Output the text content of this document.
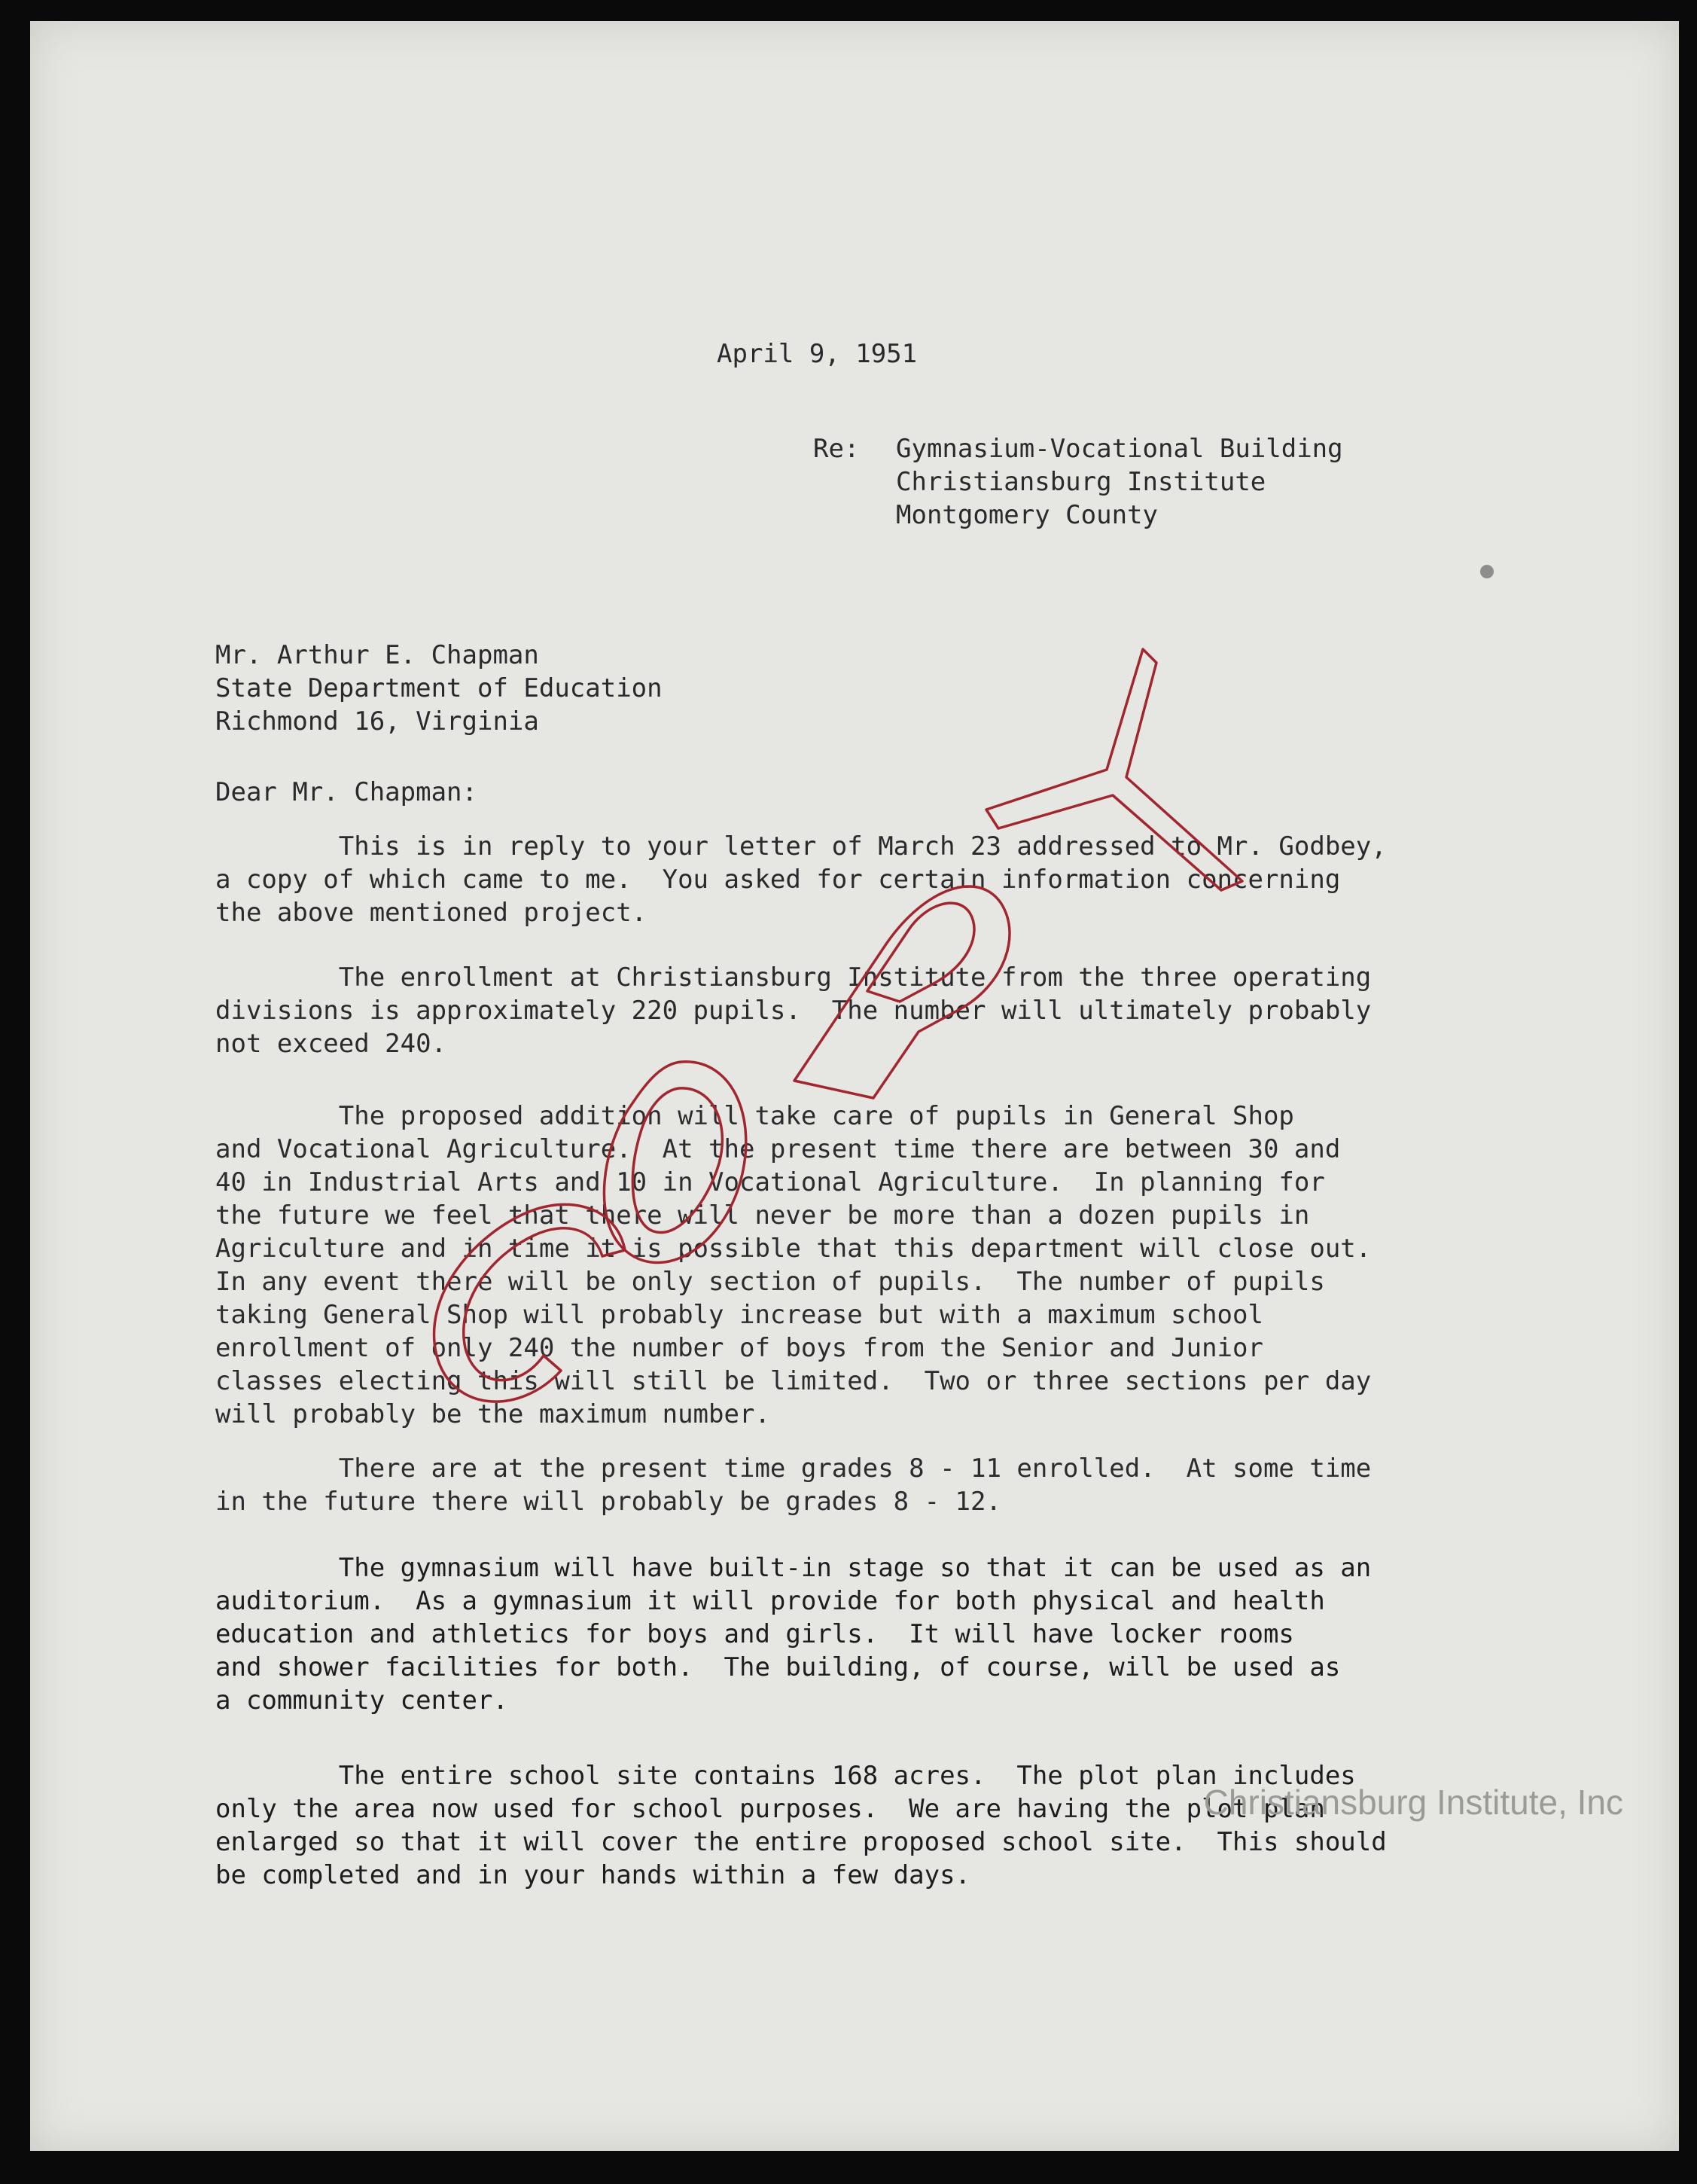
April 9, 1951

Re: Gymnasium-Vocational Building
Christiansburg Institute
Montgomery County

Mr. Arthur E. Chapman
State Department of Education
Richmond 16, Virginia

Dear Mr. Chapman:

This is in reply to your letter of March 23 addressed to Mr. Godbey,
a copy of which came to me.  You asked for certain information concerning
the above mentioned project.

The enrollment at Christiansburg Institute from the three operating
divisions is approximately 220 pupils.  The number will ultimately probably
not exceed 240.

The proposed addition will take care of pupils in General Shop
and Vocational Agriculture.  At the present time there are between 30 and
40 in Industrial Arts and 10 in Vocational Agriculture.  In planning for
the future we feel that there will never be more than a dozen pupils in
Agriculture and in time it is possible that this department will close out.
In any event there will be only section of pupils.  The number of pupils
taking General Shop will probably increase but with a maximum school
enrollment of only 240 the number of boys from the Senior and Junior
classes electing this will still be limited.  Two or three sections per day
will probably be the maximum number.

There are at the present time grades 8 - 11 enrolled.  At some time
in the future there will probably be grades 8 - 12.

The gymnasium will have built-in stage so that it can be used as an
auditorium.  As a gymnasium it will provide for both physical and health
education and athletics for boys and girls.  It will have locker rooms
and shower facilities for both.  The building, of course, will be used as
a community center.

The entire school site contains 168 acres.  The plot plan includes
only the area now used for school purposes.  We are having the plot plan
enlarged so that it will cover the entire proposed school site.  This should
be completed and in your hands within a few days.

Christiansburg Institute, Inc
